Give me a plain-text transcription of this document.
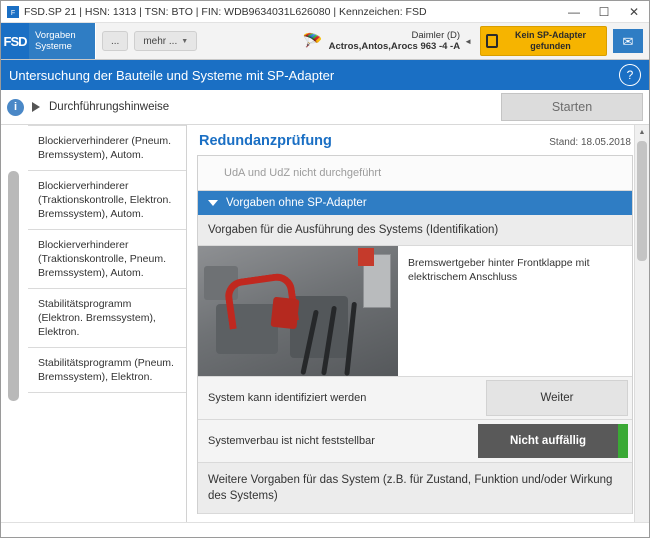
F FSD.SP 21 | HSN: 1313 | TSN: BTO | FIN: WDB9634031L626080 | Kennzeichen: FSD	—	☐	✕
FSD Vorgaben
Systeme	... mehr ... ▼	🪂	Daimler (D)
Actros,Antos,Arocs 963 -4 -A ◄
Kein SP-Adapter
gefunden	✉
Untersuchung der Bauteile und Systeme mit SP-Adapter	?
i	Durchführungshinweise	Starten
Blockierverhinderer (Pneum. Bremssystem), Autom.
Blockierverhinderer (Traktionskontrolle, Elektron. Bremssystem), Autom.
Blockierverhinderer (Traktionskontrolle, Pneum. Bremssystem), Autom.
Stabilitätsprogramm (Elektron. Bremssystem), Elektron.
Stabilitätsprogramm (Pneum. Bremssystem), Elektron.
Redundanzprüfung	Stand: 18.05.2018
UdA und UdZ nicht durchgeführt
Vorgaben ohne SP-Adapter
Vorgaben für die Ausführung des Systems (Identifikation)
Bremswertgeber hinter Frontklappe mit elektrischem Anschluss
System kann identifiziert werden	Weiter
Systemverbau ist nicht feststellbar	Nicht auffällig
Weitere Vorgaben für das System (z.B. für Zustand, Funktion und/oder Wirkung des Systems)
▲
